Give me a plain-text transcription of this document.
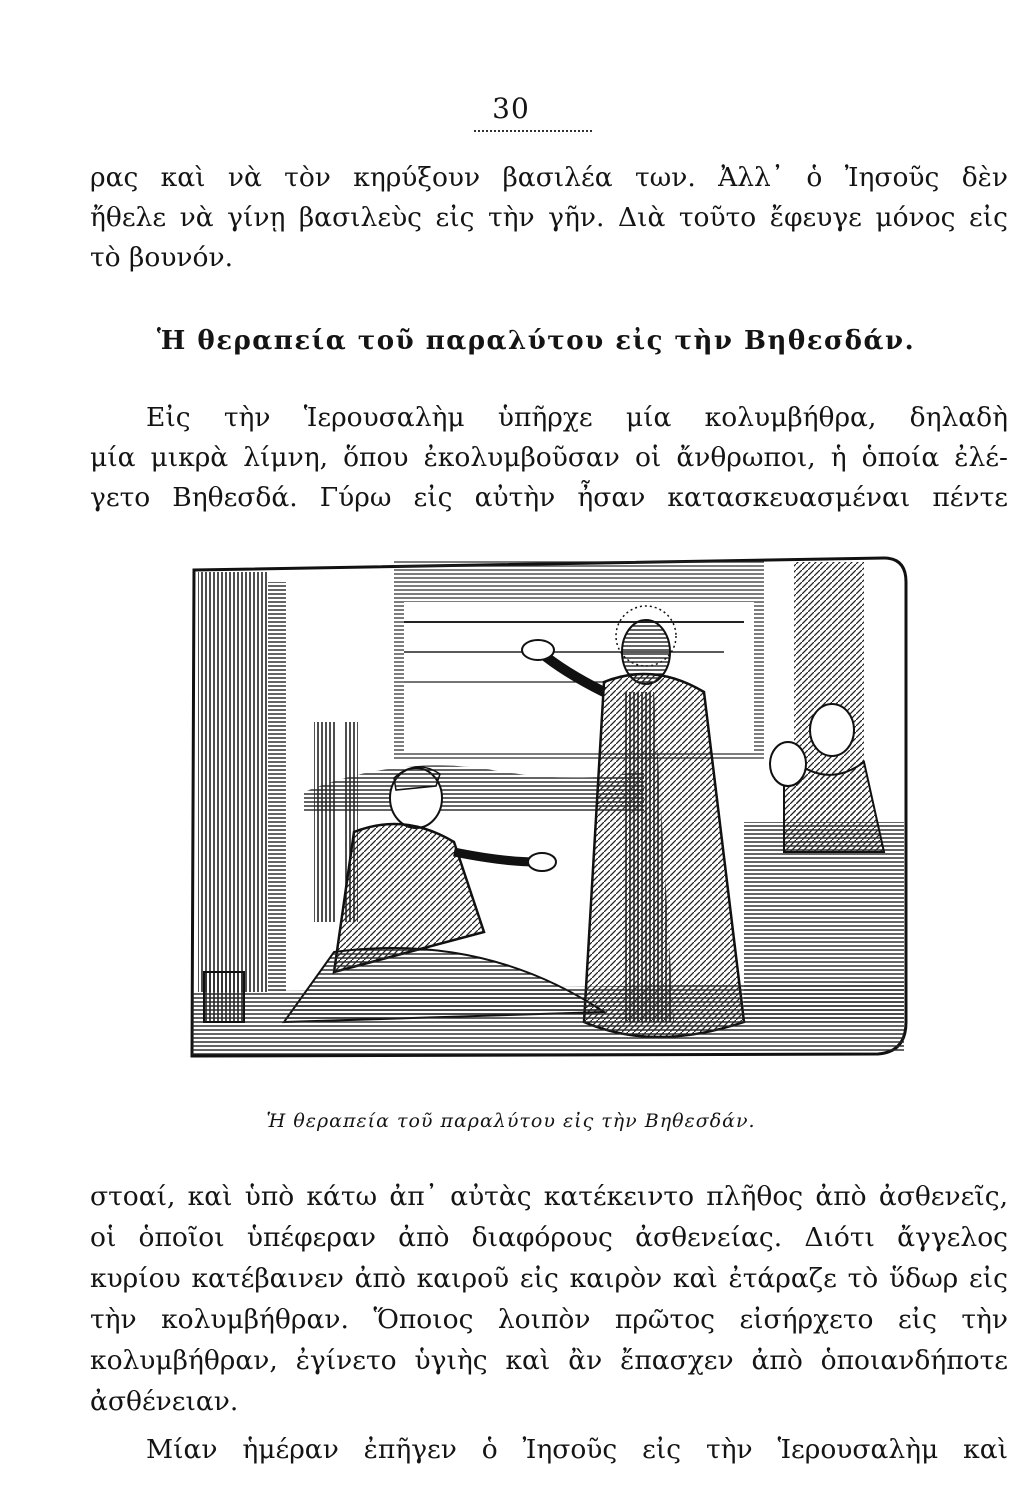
30
ρας καὶ νὰ τὸν κηρύξουν βασιλέα των. Ἀλλ᾽ ὁ Ἰησοῦς δὲν
ἤθελε νὰ γίνῃ βασιλεὺς εἰς τὴν γῆν. Διὰ τοῦτο ἔφευγε μόνος εἰς
τὸ βουνόν.
Ἡ θεραπεία τοῦ παραλύτου εἰς τὴν Βηθεσδάν.
Εἰς τὴν Ἱερουσαλὴμ ὑπῆρχε μία κολυμβήθρα, δηλαδὴ
μία μικρὰ λίμνη, ὅπου ἐκολυμβοῦσαν οἱ ἄνθρωποι, ἡ ὁποία ἐλέ-
γετο Βηθεσδά. Γύρω εἰς αὐτὴν ἦσαν κατασκευασμέναι πέντε
Ἡ θεραπεία τοῦ παραλύτου εἰς τὴν Βηθεσδάν.
στοαί, καὶ ὑπὸ κάτω ἀπ᾽ αὐτὰς κατέκειντο πλῆθος ἀπὸ ἀσθενεῖς,
οἱ ὁποῖοι ὑπέφεραν ἀπὸ διαφόρους ἀσθενείας. Διότι ἄγγελος
κυρίου κατέβαινεν ἀπὸ καιροῦ εἰς καιρὸν καὶ ἐτάραζε τὸ ὕδωρ εἰς
τὴν κολυμβήθραν. Ὅποιος λοιπὸν πρῶτος εἰσήρχετο εἰς τὴν
κολυμβήθραν, ἐγίνετο ὑγιὴς καὶ ἂν ἔπασχεν ἀπὸ ὁποιανδήποτε
ἀσθένειαν.
Μίαν ἡμέραν ἐπῆγεν ὁ Ἰησοῦς εἰς τὴν Ἱερουσαλὴμ καὶ
